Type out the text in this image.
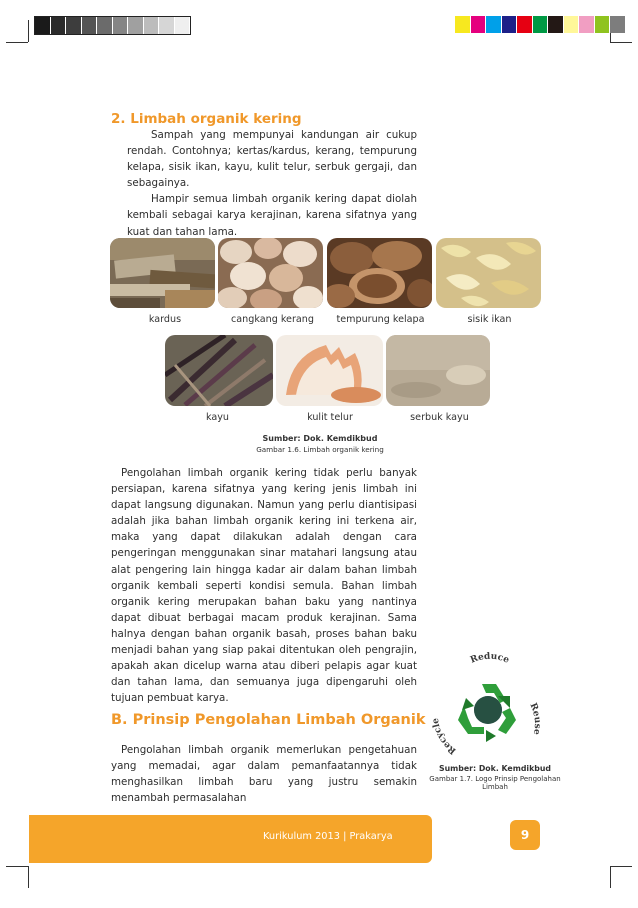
2. Limbah organik kering

Sampah yang mempunyai kandungan air cukup rendah. Contohnya; kertas/kardus, kerang, tempurung kelapa, sisik ikan, kayu, kulit telur, serbuk gergaji, dan sebagainya.

Hampir semua limbah organik kering dapat diolah kembali sebagai karya kerajinan, karena sifatnya yang kuat dan tahan lama.

kardus	cangkang kerang	tempurung kelapa	sisik ikan
kayu	kulit telur	serbuk kayu
Sumber: Dok. Kemdikbud
Gambar 1.6. Limbah organik kering

Pengolahan limbah organik kering tidak perlu banyak persiapan, karena sifatnya yang kering jenis limbah ini dapat langsung digunakan. Namun yang perlu diantisipasi adalah jika bahan limbah organik kering ini terkena air, maka yang dapat dilakukan adalah dengan cara pengeringan menggunakan sinar matahari langsung atau alat pengering lain hingga kadar air dalam bahan limbah organik kembali seperti kondisi semula. Bahan limbah organik kering merupakan bahan baku yang nantinya dapat dibuat berbagai macam produk kerajinan. Sama halnya dengan bahan organik basah, proses bahan baku menjadi bahan yang siap pakai ditentukan oleh pengrajin, apakah akan dicelup warna atau diberi pelapis agar kuat dan tahan lama, dan semuanya juga dipengaruhi oleh tujuan pembuat karya.

B. Prinsip Pengolahan Limbah Organik

Pengolahan limbah organik memerlukan pengetahuan yang memadai, agar dalam pemanfaatannya tidak menghasilkan limbah baru yang justru semakin menambah permasalahan

Reduce
Reuse
Recycle
Sumber: Dok. Kemdikbud
Gambar 1.7. Logo Prinsip Pengolahan Limbah
Kurikulum 2013 | Prakarya	9
